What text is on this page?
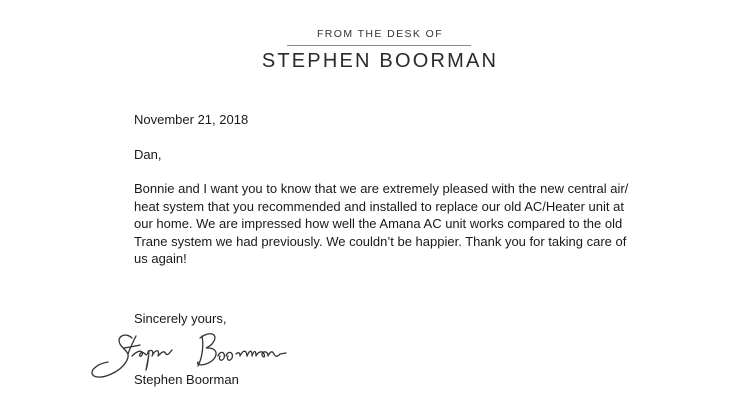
FROM THE DESK OF
STEPHEN BOORMAN
November 21, 2018
Dan,
Bonnie and I want you to know that we are extremely pleased with the new central air/
heat system that you recommended and installed to replace our old AC/Heater unit at
our home. We are impressed how well the Amana AC unit works compared to the old
Trane system we had previously. We couldn’t be happier. Thank you for taking care of
us again!
Sincerely yours,
Stephen Boorman
